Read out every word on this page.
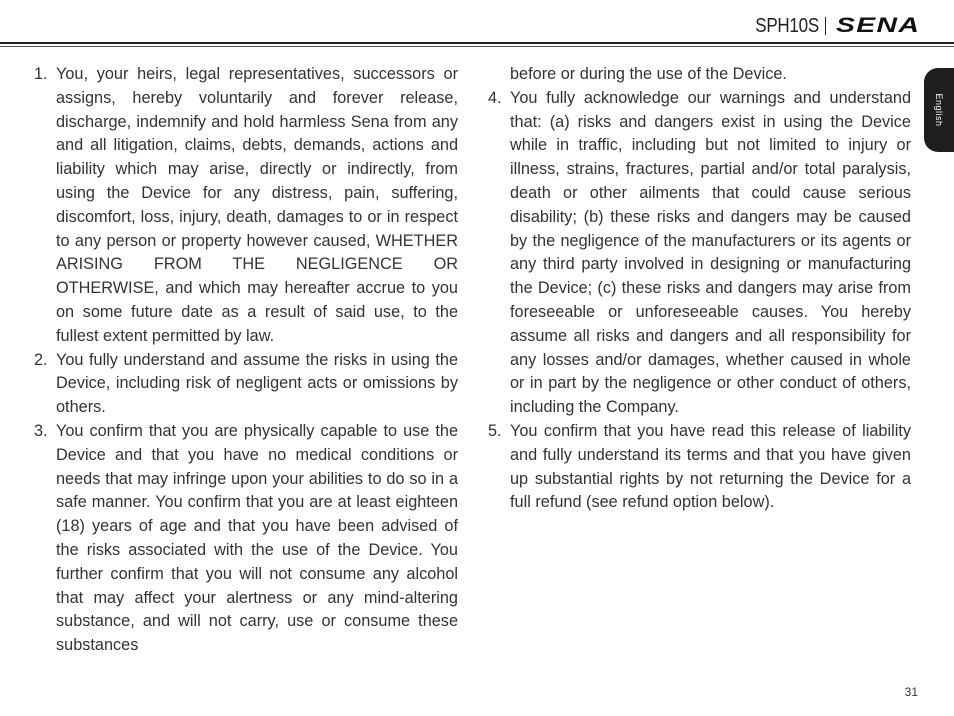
SPH10S SENA
English
1. You, your heirs, legal representatives, successors or assigns, hereby voluntarily and forever release, discharge, indemnify and hold harmless Sena from any and all litigation, claims, debts, demands, actions and liability which may arise, directly or indirectly, from using the Device for any distress, pain, suffering, discomfort, loss, injury, death, damages to or in respect to any person or property however caused, WHETHER ARISING FROM THE NEGLIGENCE OR OTHERWISE, and which may hereafter accrue to you on some future date as a result of said use, to the fullest extent permitted by law.
2. You fully understand and assume the risks in using the Device, including risk of negligent acts or omissions by others.
3. You confirm that you are physically capable to use the Device and that you have no medical conditions or needs that may infringe upon your abilities to do so in a safe manner. You confirm that you are at least eighteen (18) years of age and that you have been advised of the risks associated with the use of the Device. You further confirm that you will not consume any alcohol that may affect your alertness or any mind-altering substance, and will not carry, use or consume these substances
before or during the use of the Device.
4. You fully acknowledge our warnings and understand that: (a) risks and dangers exist in using the Device while in traffic, including but not limited to injury or illness, strains, fractures, partial and/or total paralysis, death or other ailments that could cause serious disability; (b) these risks and dangers may be caused by the negligence of the manufacturers or its agents or any third party involved in designing or manufacturing the Device; (c) these risks and dangers may arise from foreseeable or unforeseeable causes. You hereby assume all risks and dangers and all responsibility for any losses and/or damages, whether caused in whole or in part by the negligence or other conduct of others, including the Company.
5. You confirm that you have read this release of liability and fully understand its terms and that you have given up substantial rights by not returning the Device for a full refund (see refund option below).
31
